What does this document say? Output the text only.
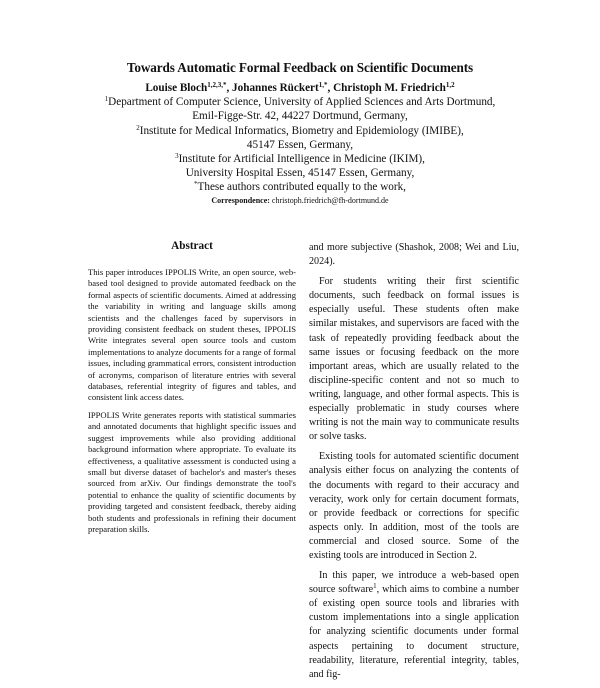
Towards Automatic Formal Feedback on Scientific Documents
Louise Bloch$^{1,2,3,*}$, Johannes Rückert$^{1,*}$, Christoph M. Friedrich$^{1,2}$
$^1$Department of Computer Science, University of Applied Sciences and Arts Dortmund,
Emil-Figge-Str. 42, 44227 Dortmund, Germany,
$^2$Institute for Medical Informatics, Biometry and Epidemiology (IMIBE),
45147 Essen, Germany,
$^3$Institute for Artificial Intelligence in Medicine (IKIM),
University Hospital Essen, 45147 Essen, Germany,
*These authors contributed equally to the work,
Correspondence: christoph.friedrich@fh-dortmund.de
Abstract

This paper introduces IPPOLIS Write, an open source, web-based tool designed to provide automated feedback on the formal aspects of scientific documents. Aimed at addressing the variability in writing and language skills among scientists and the challenges faced by supervisors in providing consistent feedback on student theses, IPPOLIS Write integrates several open source tools and custom implementations to analyze documents for a range of formal issues, including grammatical errors, consistent introduction of acronyms, comparison of literature entries with several databases, referential integrity of figures and tables, and consistent link access dates.

IPPOLIS Write generates reports with statistical summaries and annotated documents that highlight specific issues and suggest improvements while also providing additional background information where appropriate. To evaluate its effectiveness, a qualitative assessment is conducted using a small but diverse dataset of bachelor's and master's theses sourced from arXiv. Our findings demonstrate the tool's potential to enhance the quality of scientific documents by providing targeted and consistent feedback, thereby aiding both students and professionals in refining their document preparation skills.

and more subjective (Shashok, 2008; Wei and Liu, 2024).

For students writing their first scientific documents, such feedback on formal issues is especially useful. These students often make similar mistakes, and supervisors are faced with the task of repeatedly providing feedback about the same issues or focusing feedback on the more important areas, which are usually related to the discipline-specific content and not so much to writing, language, and other formal aspects. This is especially problematic in study courses where writing is not the main way to communicate results or solve tasks.

Existing tools for automated scientific document analysis either focus on analyzing the contents of the documents with regard to their accuracy and veracity, work only for certain document formats, or provide feedback or corrections for specific aspects only. In addition, most of the tools are commercial and closed source. Some of the existing tools are introduced in Section 2.

In this paper, we introduce a web-based open source software$^1$, which aims to combine a number of existing open source tools and libraries with custom implementations into a single application for analyzing scientific documents under formal aspects pertaining to document structure, readability, literature, referential integrity, tables, and fig-
